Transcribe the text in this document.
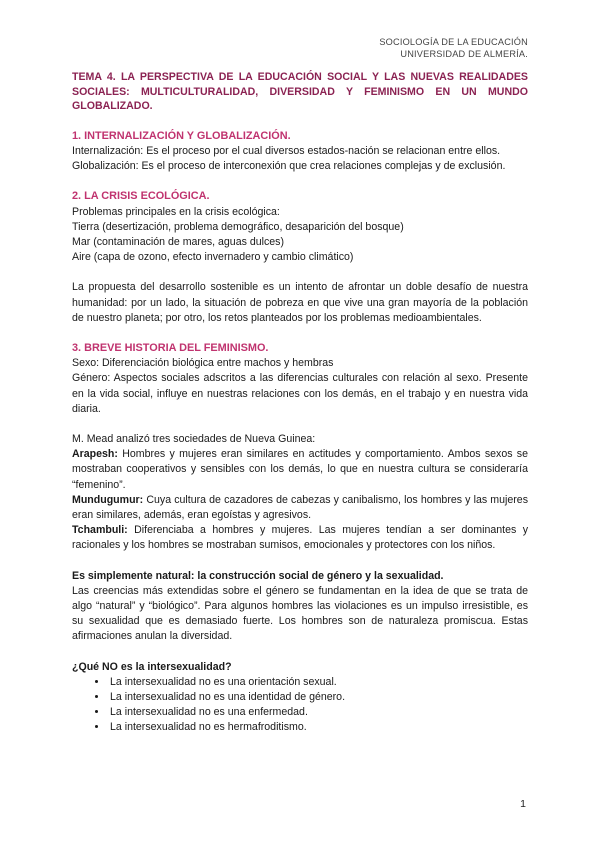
SOCIOLOGÍA DE LA EDUCACIÓN
UNIVERSIDAD DE ALMERÍA.

TEMA 4. LA PERSPECTIVA DE LA EDUCACIÓN SOCIAL Y LAS NUEVAS REALIDADES SOCIALES: MULTICULTURALIDAD, DIVERSIDAD Y FEMINISMO EN UN MUNDO GLOBALIZADO.

1. INTERNALIZACIÓN Y GLOBALIZACIÓN.

Internalización: Es el proceso por el cual diversos estados-nación se relacionan entre ellos.

Globalización: Es el proceso de interconexión que crea relaciones complejas y de exclusión.

2. LA CRISIS ECOLÓGICA.

Problemas principales en la crisis ecológica:

Tierra (desertización, problema demográfico, desaparición del bosque)

Mar (contaminación de mares, aguas dulces)

Aire (capa de ozono, efecto invernadero y cambio climático)

La propuesta del desarrollo sostenible es un intento de afrontar un doble desafío de nuestra humanidad: por un lado, la situación de pobreza en que vive una gran mayoría de la población de nuestro planeta; por otro, los retos planteados por los problemas medioambientales.

3. BREVE HISTORIA DEL FEMINISMO.

Sexo: Diferenciación biológica entre machos y hembras

Género: Aspectos sociales adscritos a las diferencias culturales con relación al sexo. Presente en la vida social, influye en nuestras relaciones con los demás, en el trabajo y en nuestra vida diaria.

M. Mead analizó tres sociedades de Nueva Guinea:

Arapesh: Hombres y mujeres eran similares en actitudes y comportamiento. Ambos sexos se mostraban cooperativos y sensibles con los demás, lo que en nuestra cultura se consideraría “femenino”.

Mundugumur: Cuya cultura de cazadores de cabezas y canibalismo, los hombres y las mujeres eran similares, además, eran egoístas y agresivos.

Tchambuli: Diferenciaba a hombres y mujeres. Las mujeres tendían a ser dominantes y racionales y los hombres se mostraban sumisos, emocionales y protectores con los niños.

Es simplemente natural: la construcción social de género y la sexualidad.

Las creencias más extendidas sobre el género se fundamentan en la idea de que se trata de algo “natural” y “biológico”. Para algunos hombres las violaciones es un impulso irresistible, es su sexualidad que es demasiado fuerte. Los hombres son de naturaleza promiscua. Estas afirmaciones anulan la diversidad.

¿Qué NO es la intersexualidad?

• La intersexualidad no es una orientación sexual.
• La intersexualidad no es una identidad de género.
• La intersexualidad no es una enfermedad.
• La intersexualidad no es hermafroditismo.
1
